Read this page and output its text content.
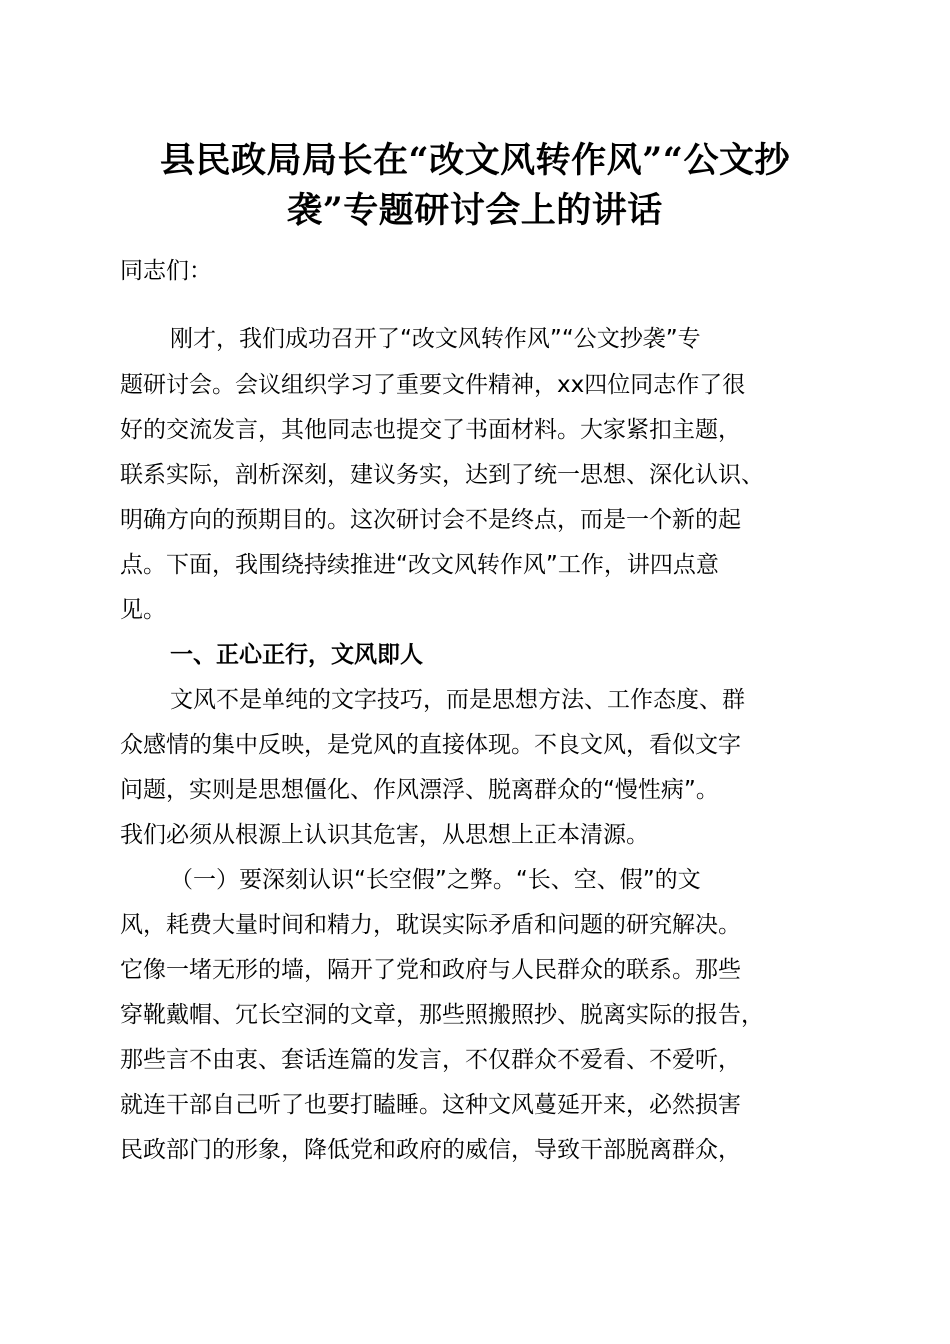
县民政局局长在“改文风转作风”“公文抄
袭”专题研讨会上的讲话

同志们：

刚才，我们成功召开了“改文风转作风”“公文抄袭”专

题研讨会。会议组织学习了重要文件精神，xx四位同志作了很

好的交流发言，其他同志也提交了书面材料。大家紧扣主题，

联系实际，剖析深刻，建议务实，达到了统一思想、深化认识、

明确方向的预期目的。这次研讨会不是终点，而是一个新的起

点。下面，我围绕持续推进“改文风转作风”工作，讲四点意

见。

一、正心正行，文风即人

文风不是单纯的文字技巧，而是思想方法、工作态度、群

众感情的集中反映，是党风的直接体现。不良文风，看似文字

问题，实则是思想僵化、作风漂浮、脱离群众的“慢性病”。

我们必须从根源上认识其危害，从思想上正本清源。

（一）要深刻认识“长空假”之弊。“长、空、假”的文

风，耗费大量时间和精力，耽误实际矛盾和问题的研究解决。

它像一堵无形的墙，隔开了党和政府与人民群众的联系。那些

穿靴戴帽、冗长空洞的文章，那些照搬照抄、脱离实际的报告，

那些言不由衷、套话连篇的发言，不仅群众不爱看、不爱听，

就连干部自己听了也要打瞌睡。这种文风蔓延开来，必然损害

民政部门的形象，降低党和政府的威信，导致干部脱离群众，
